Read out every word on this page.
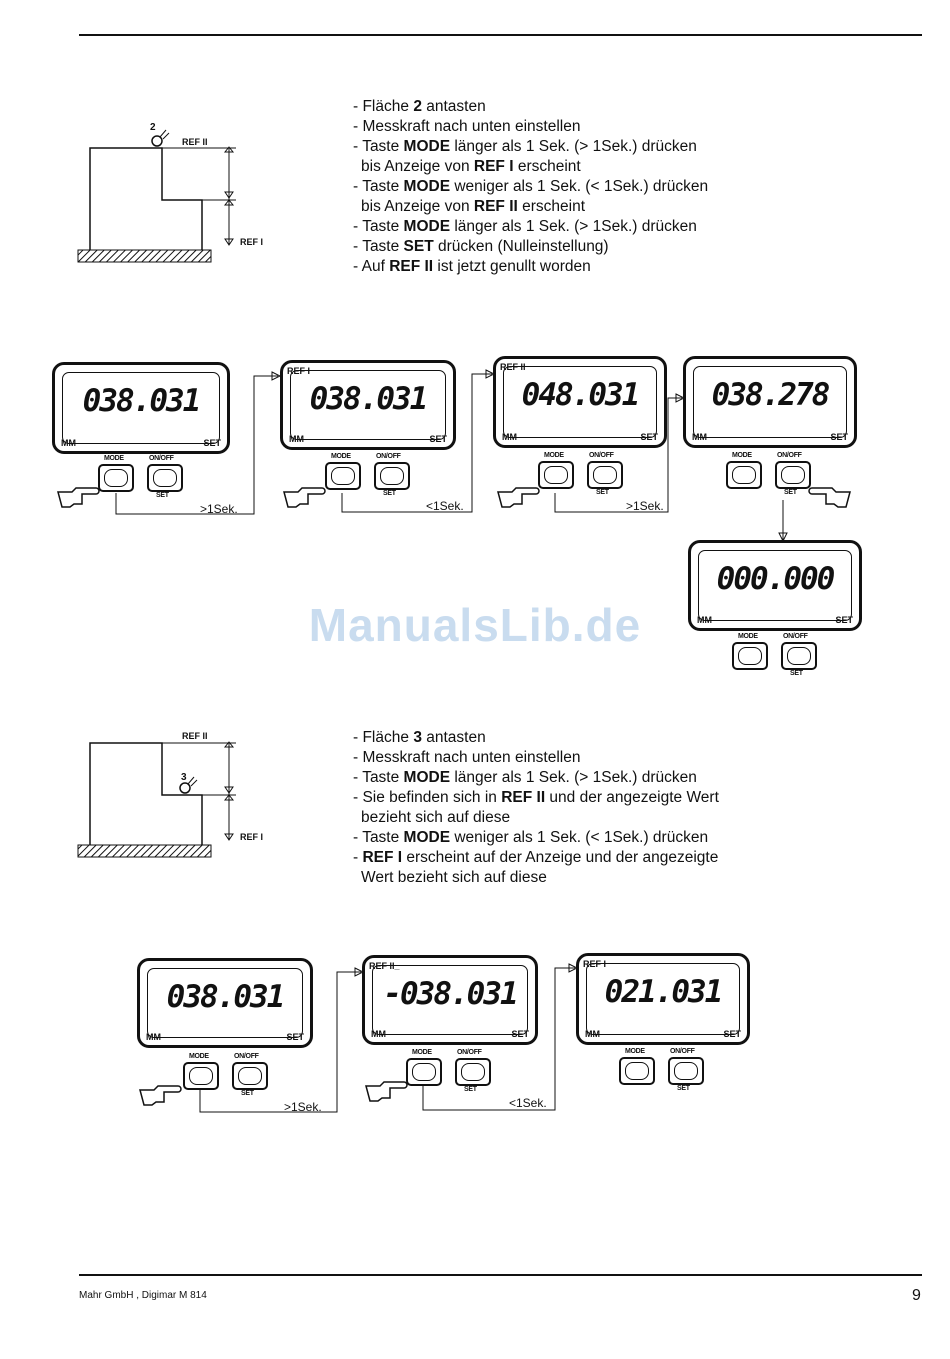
2
REF II
REF I
3
REF II
REF I
- Fläche 2 antasten
- Messkraft nach unten einstellen
- Taste MODE länger als 1 Sek. (> 1Sek.) drücken
bis Anzeige von REF I erscheint
- Taste MODE weniger als 1 Sek. (< 1Sek.) drücken
bis Anzeige von REF II erscheint
- Taste MODE länger als 1 Sek. (> 1Sek.) drücken
- Taste SET drücken (Nulleinstellung)
- Auf REF II ist jetzt genullt worden
- Fläche 3 antasten
- Messkraft nach unten einstellen
- Taste MODE länger als 1 Sek. (> 1Sek.) drücken
- Sie befinden sich in REF II und der angezeigte Wert
bezieht sich auf diese
- Taste MODE weniger als 1 Sek. (< 1Sek.) drücken
- REF I erscheint auf der Anzeige und der angezeigte
Wert bezieht sich auf diese
038.031
MM	SET
REF I
038.031
MM	SET
REF II
048.031
MM	SET
038.278
MM	SET
000.000
MM	SET
MODE	ON/OFF
SET
MODE	ON/OFF
SET
MODE	ON/OFF
SET
MODE	ON/OFF
SET
MODE	ON/OFF
SET
>1Sek.	<1Sek.	>1Sek.
ManualsLib.de
038.031
MM	SET
REF II_
-038.031
MM	SET
REF I
021.031
MM	SET
MODE	ON/OFF
SET
MODE	ON/OFF
SET
MODE	ON/OFF
SET
>1Sek.	<1Sek.
Mahr GmbH , Digimar M 814	9
